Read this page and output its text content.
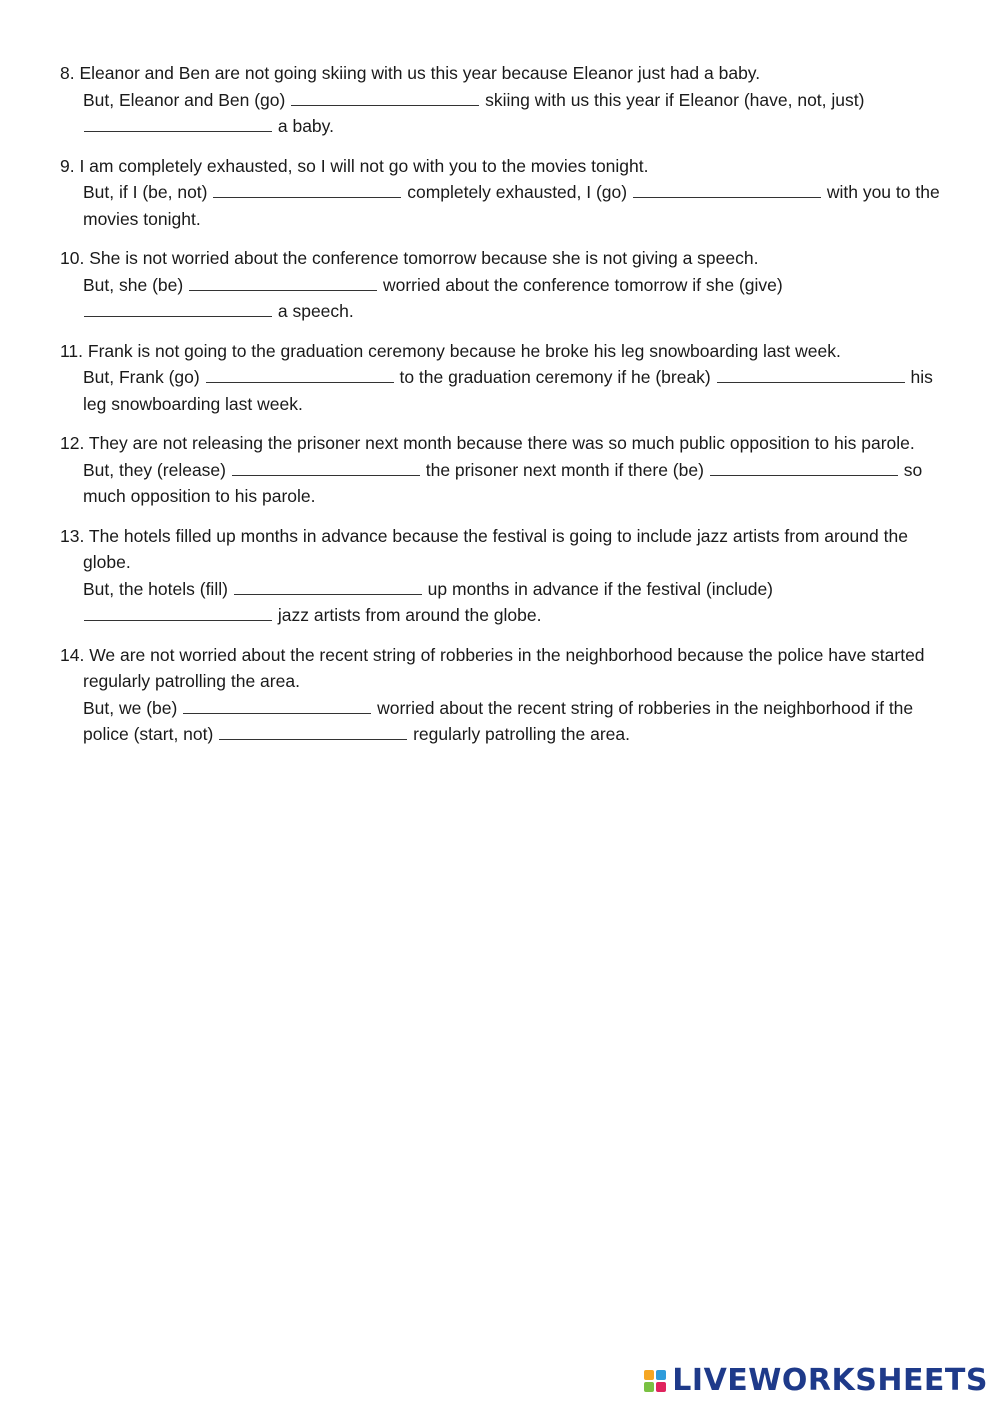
8. Eleanor and Ben are not going skiing with us this year because Eleanor just had a baby.
But, Eleanor and Ben (go)	skiing with us this year if Eleanor (have, not, just)  a baby.
9. I am completely exhausted, so I will not go with you to the movies tonight.
But, if I (be, not)	completely exhausted, I (go)	with you to the movies tonight.
10. She is not worried about the conference tomorrow because she is not giving a speech.
But, she (be)	worried about the conference tomorrow if she (give)  a speech.
11. Frank is not going to the graduation ceremony because he broke his leg snowboarding last week.
But, Frank (go)	to the graduation ceremony if he (break)	his leg snowboarding last week.
12. They are not releasing the prisoner next month because there was so much public opposition to his parole.
But, they (release)	the prisoner next month if there (be)	so much opposition to his parole.
13. The hotels filled up months in advance because the festival is going to include jazz artists from around the globe.
But, the hotels (fill)	up months in advance if the festival (include)  jazz artists from around the globe.
14. We are not worried about the recent string of robberies in the neighborhood because the police have started regularly patrolling the area.
But, we (be)	worried about the recent string of robberies in the neighborhood if the police (start, not)	regularly patrolling the area.
LIVEWORKSHEETS
